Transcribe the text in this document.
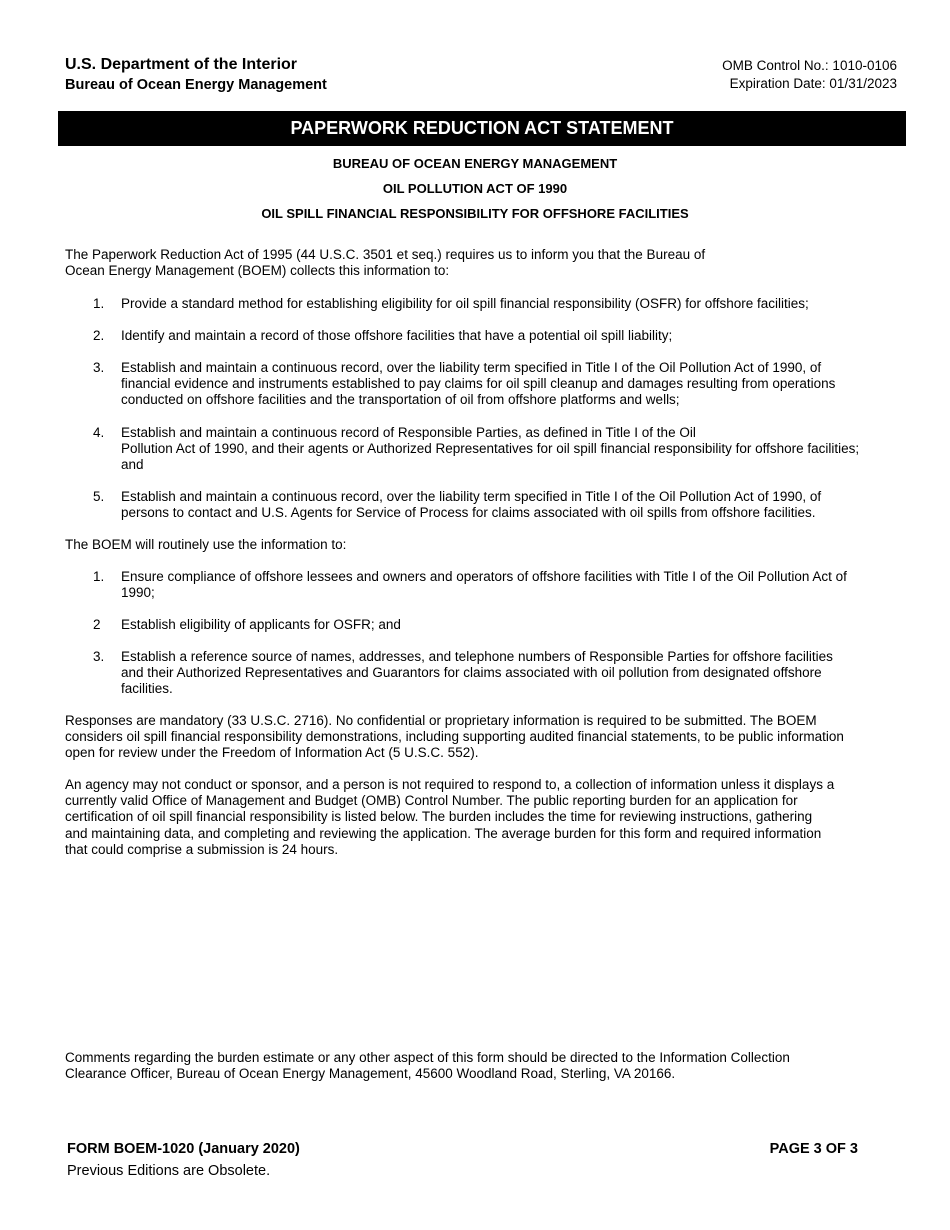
U.S. Department of the Interior
Bureau of Ocean Energy Management
OMB Control No.: 1010-0106
Expiration Date: 01/31/2023
PAPERWORK REDUCTION ACT STATEMENT
BUREAU OF OCEAN ENERGY MANAGEMENT
OIL POLLUTION ACT OF 1990
OIL SPILL FINANCIAL RESPONSIBILITY FOR OFFSHORE FACILITIES
The Paperwork Reduction Act of 1995 (44 U.S.C. 3501 et seq.) requires us to inform you that the Bureau of
Ocean Energy Management (BOEM) collects this information to:
1.	Provide a standard method for establishing eligibility for oil spill financial responsibility (OSFR) for offshore facilities;
2.	Identify and maintain a record of those offshore facilities that have a potential oil spill liability;
3.	Establish and maintain a continuous record, over the liability term specified in Title I of the Oil Pollution Act of 1990, of
financial evidence and instruments established to pay claims for oil spill cleanup and damages resulting from operations
conducted on offshore facilities and the transportation of oil from offshore platforms and wells;
4.	Establish and maintain a continuous record of Responsible Parties, as defined in Title I of the Oil
Pollution Act of 1990, and their agents or Authorized Representatives for oil spill financial responsibility for offshore facilities;
and
5.	Establish and maintain a continuous record, over the liability term specified in Title I of the Oil Pollution Act of 1990, of
persons to contact and U.S. Agents for Service of Process for claims associated with oil spills from offshore facilities.
The BOEM will routinely use the information to:
1.	Ensure compliance of offshore lessees and owners and operators of offshore facilities with Title I of the Oil Pollution Act of
1990;
2	Establish eligibility of applicants for OSFR; and
3.	Establish a reference source of names, addresses, and telephone numbers of Responsible Parties for offshore facilities
and their Authorized Representatives and Guarantors for claims associated with oil pollution from designated offshore
facilities.
Responses are mandatory (33 U.S.C. 2716). No confidential or proprietary information is required to be submitted. The BOEM
considers oil spill financial responsibility demonstrations, including supporting audited financial statements, to be public information
open for review under the Freedom of Information Act (5 U.S.C. 552).
An agency may not conduct or sponsor, and a person is not required to respond to, a collection of information unless it displays a
currently valid Office of Management and Budget (OMB) Control Number. The public reporting burden for an application for
certification of oil spill financial responsibility is listed below. The burden includes the time for reviewing instructions, gathering
and maintaining data, and completing and reviewing the application. The average burden for this form and required information
that could comprise a submission is 24 hours.
Comments regarding the burden estimate or any other aspect of this form should be directed to the Information Collection
Clearance Officer, Bureau of Ocean Energy Management, 45600 Woodland Road, Sterling, VA 20166.
FORM BOEM-1020 (January 2020)
Previous Editions are Obsolete.
PAGE 3 OF 3
